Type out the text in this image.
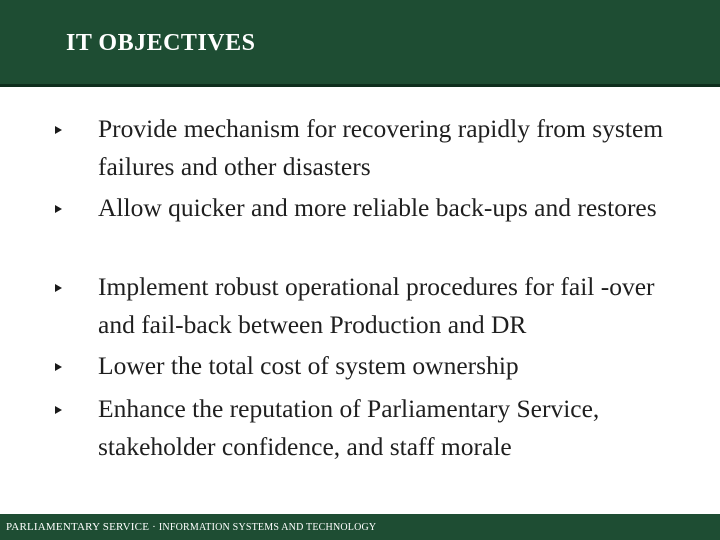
IT OBJECTIVES
Provide mechanism for recovering rapidly from system failures and other disasters
Allow quicker and more reliable back-ups and restores
Implement robust operational procedures for fail -over and fail-back between Production and DR
Lower the total cost of system ownership
Enhance the reputation of Parliamentary Service, stakeholder confidence, and staff morale
PARLIAMENTARY SERVICE · INFORMATION SYSTEMS AND TECHNOLOGY
